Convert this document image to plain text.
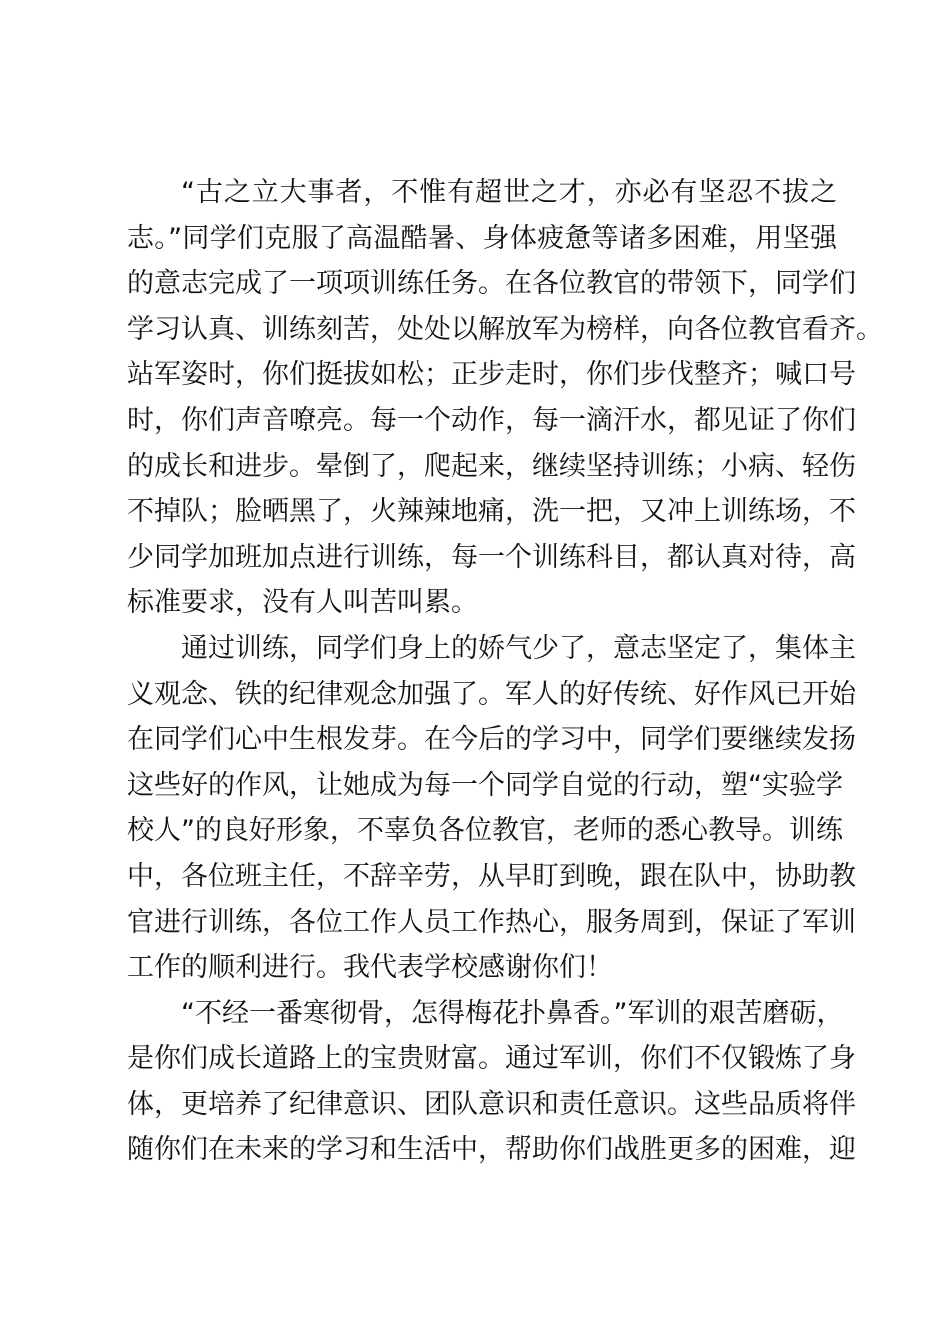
“古之立大事者，不惟有超世之才，亦必有坚忍不拔之
志。”同学们克服了高温酷暑、身体疲惫等诸多困难，用坚强
的意志完成了一项项训练任务。在各位教官的带领下，同学们
学习认真、训练刻苦，处处以解放军为榜样，向各位教官看齐。
站军姿时，你们挺拔如松；正步走时，你们步伐整齐；喊口号
时，你们声音嘹亮。每一个动作，每一滴汗水，都见证了你们
的成长和进步。晕倒了，爬起来，继续坚持训练；小病、轻伤
不掉队；脸晒黑了，火辣辣地痛，洗一把，又冲上训练场，不
少同学加班加点进行训练，每一个训练科目，都认真对待，高
标准要求，没有人叫苦叫累。
通过训练，同学们身上的娇气少了，意志坚定了，集体主
义观念、铁的纪律观念加强了。军人的好传统、好作风已开始
在同学们心中生根发芽。在今后的学习中，同学们要继续发扬
这些好的作风，让她成为每一个同学自觉的行动，塑“实验学
校人”的良好形象，不辜负各位教官，老师的悉心教导。训练
中，各位班主任，不辞辛劳，从早盯到晚，跟在队中，协助教
官进行训练，各位工作人员工作热心，服务周到，保证了军训
工作的顺利进行。我代表学校感谢你们！
“不经一番寒彻骨，怎得梅花扑鼻香。”军训的艰苦磨砺，
是你们成长道路上的宝贵财富。通过军训，你们不仅锻炼了身
体，更培养了纪律意识、团队意识和责任意识。这些品质将伴
随你们在未来的学习和生活中，帮助你们战胜更多的困难，迎
